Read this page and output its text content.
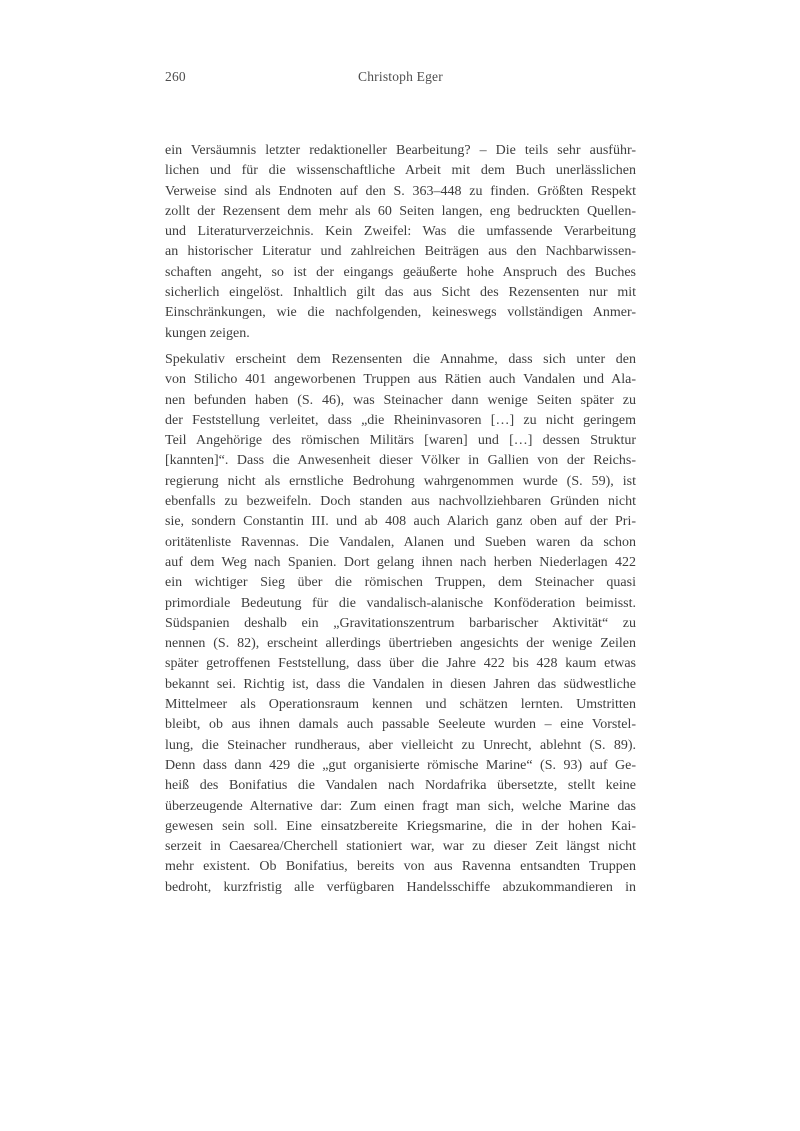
260	Christoph Eger
ein Versäumnis letzter redaktioneller Bearbeitung? – Die teils sehr ausführ-
lichen und für die wissenschaftliche Arbeit mit dem Buch unerlässlichen
Verweise sind als Endnoten auf den S. 363–448 zu finden. Größten Respekt
zollt der Rezensent dem mehr als 60 Seiten langen, eng bedruckten Quellen-
und Literaturverzeichnis. Kein Zweifel: Was die umfassende Verarbeitung
an historischer Literatur und zahlreichen Beiträgen aus den Nachbarwissen-
schaften angeht, so ist der eingangs geäußerte hohe Anspruch des Buches
sicherlich eingelöst. Inhaltlich gilt das aus Sicht des Rezensenten nur mit
Einschränkungen, wie die nachfolgenden, keineswegs vollständigen Anmer-
kungen zeigen.
Spekulativ erscheint dem Rezensenten die Annahme, dass sich unter den
von Stilicho 401 angeworbenen Truppen aus Rätien auch Vandalen und Ala-
nen befunden haben (S. 46), was Steinacher dann wenige Seiten später zu
der Feststellung verleitet, dass „die Rheininvasoren […] zu nicht geringem
Teil Angehörige des römischen Militärs [waren] und […] dessen Struktur
[kannten]“. Dass die Anwesenheit dieser Völker in Gallien von der Reichs-
regierung nicht als ernstliche Bedrohung wahrgenommen wurde (S. 59), ist
ebenfalls zu bezweifeln. Doch standen aus nachvollziehbaren Gründen nicht
sie, sondern Constantin III. und ab 408 auch Alarich ganz oben auf der Pri-
oritätenliste Ravennas. Die Vandalen, Alanen und Sueben waren da schon
auf dem Weg nach Spanien. Dort gelang ihnen nach herben Niederlagen 422
ein wichtiger Sieg über die römischen Truppen, dem Steinacher quasi
primordiale Bedeutung für die vandalisch-alanische Konföderation beimisst.
Südspanien deshalb ein „Gravitationszentrum barbarischer Aktivität“ zu
nennen (S. 82), erscheint allerdings übertrieben angesichts der wenige Zeilen
später getroffenen Feststellung, dass über die Jahre 422 bis 428 kaum etwas
bekannt sei. Richtig ist, dass die Vandalen in diesen Jahren das südwestliche
Mittelmeer als Operationsraum kennen und schätzen lernten. Umstritten
bleibt, ob aus ihnen damals auch passable Seeleute wurden – eine Vorstel-
lung, die Steinacher rundheraus, aber vielleicht zu Unrecht, ablehnt (S. 89).
Denn dass dann 429 die „gut organisierte römische Marine“ (S. 93) auf Ge-
heiß des Bonifatius die Vandalen nach Nordafrika übersetzte, stellt keine
überzeugende Alternative dar: Zum einen fragt man sich, welche Marine das
gewesen sein soll. Eine einsatzbereite Kriegsmarine, die in der hohen Kai-
serzeit in Caesarea/Cherchell stationiert war, war zu dieser Zeit längst nicht
mehr existent. Ob Bonifatius, bereits von aus Ravenna entsandten Truppen
bedroht, kurzfristig alle verfügbaren Handelsschiffe abzukommandieren in
